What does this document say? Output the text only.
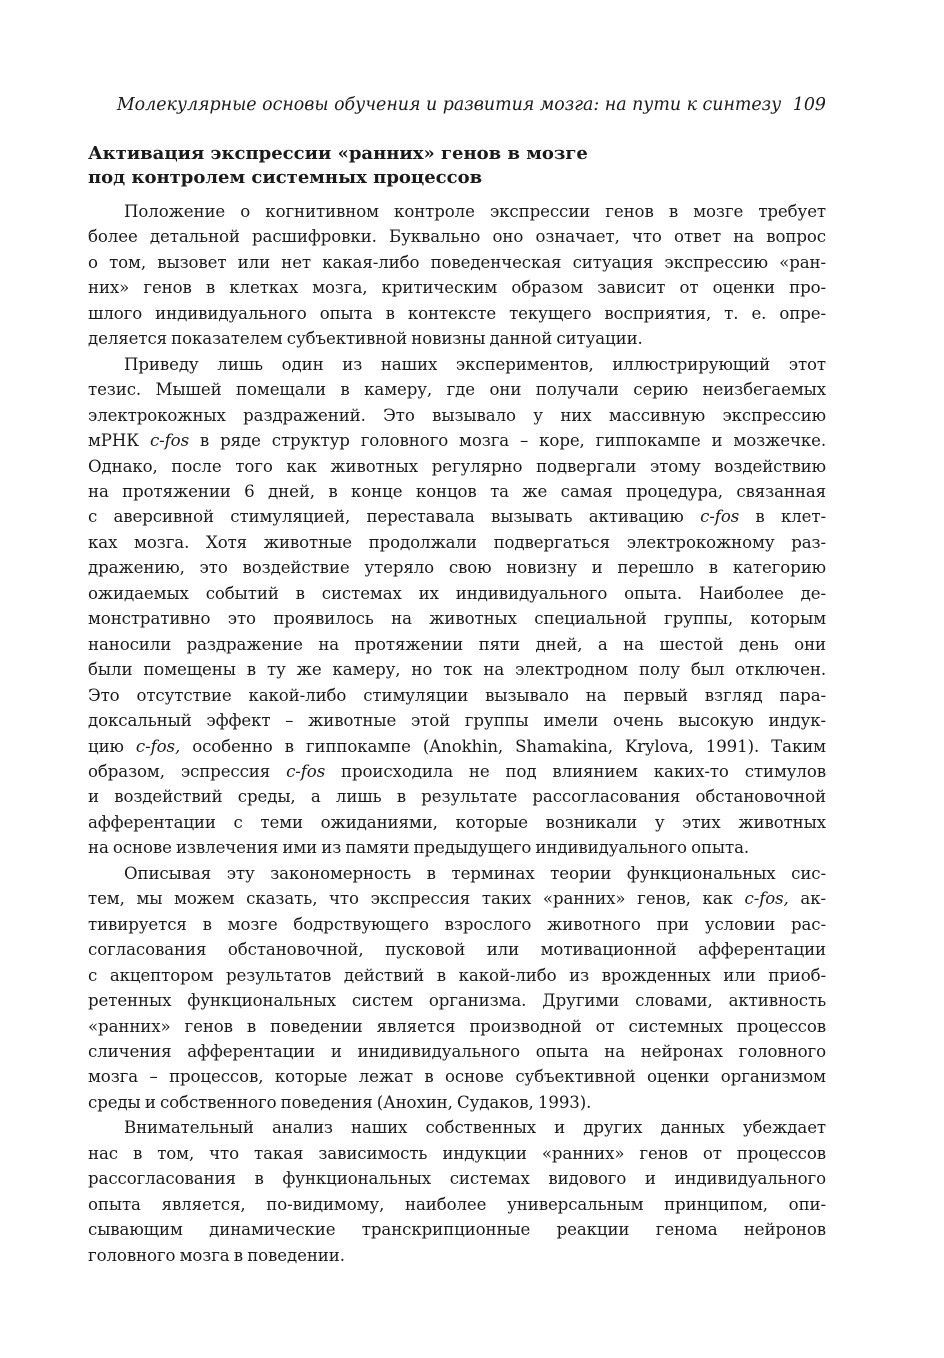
Молекулярные основы обучения и развития мозга: на пути к синтезу 109
Активация экспрессии «ранних» генов в мозге
под контролем системных процессов

Положение о когнитивном контроле экспрессии генов в мозге требует
более детальной расшифровки. Буквально оно означает, что ответ на вопрос
о том, вызовет или нет какая-либо поведенческая ситуация экспрессию «ран-
них» генов в клетках мозга, критическим образом зависит от оценки про-
шлого индивидуального опыта в контексте текущего восприятия, т. е. опре-
деляется показателем субъективной новизны данной ситуации.

Приведу лишь один из наших экспериментов, иллюстрирующий этот
тезис. Мышей помещали в камеру, где они получали серию неизбегаемых
электрокожных раздражений. Это вызывало у них массивную экспрессию
мРНК c-fos в ряде структур головного мозга – коре, гиппокампе и мозжечке.
Однако, после того как животных регулярно подвергали этому воздействию
на протяжении 6 дней, в конце концов та же самая процедура, связанная
с аверсивной стимуляцией, переставала вызывать активацию c-fos в клет-
ках мозга. Хотя животные продолжали подвергаться электрокожному раз-
дражению, это воздействие утеряло свою новизну и перешло в категорию
ожидаемых событий в системах их индивидуального опыта. Наиболее де-
монстративно это проявилось на животных специальной группы, которым
наносили раздражение на протяжении пяти дней, а на шестой день они
были помещены в ту же камеру, но ток на электродном полу был отключен.
Это отсутствие какой-либо стимуляции вызывало на первый взгляд пара-
доксальный эффект – животные этой группы имели очень высокую индук-
цию c-fos, особенно в гиппокампе (Anokhin, Shamakina, Krylova, 1991). Таким
образом, эспрессия c-fos происходила не под влиянием каких-то стимулов
и воздействий среды, а лишь в результате рассогласования обстановочной
афферентации с теми ожиданиями, которые возникали у этих животных
на основе извлечения ими из памяти предыдущего индивидуального опыта.

Описывая эту закономерность в терминах теории функциональных сис-
тем, мы можем сказать, что экспрессия таких «ранних» генов, как c-fos, ак-
тивируется в мозге бодрствующего взрослого животного при условии рас-
согласования обстановочной, пусковой или мотивационной афферентации
с акцептором результатов действий в какой-либо из врожденных или приоб-
ретенных функциональных систем организма. Другими словами, активность
«ранних» генов в поведении является производной от системных процессов
сличения афферентации и инидивидуального опыта на нейронах головного
мозга – процессов, которые лежат в основе субъективной оценки организмом
среды и собственного поведения (Анохин, Судаков, 1993).

Внимательный анализ наших собственных и других данных убеждает
нас в том, что такая зависимость индукции «ранних» генов от процессов
рассогласования в функциональных системах видового и индивидуального
опыта является, по-видимому, наиболее универсальным принципом, опи-
сывающим динамические транскрипционные реакции генома нейронов
головного мозга в поведении.
